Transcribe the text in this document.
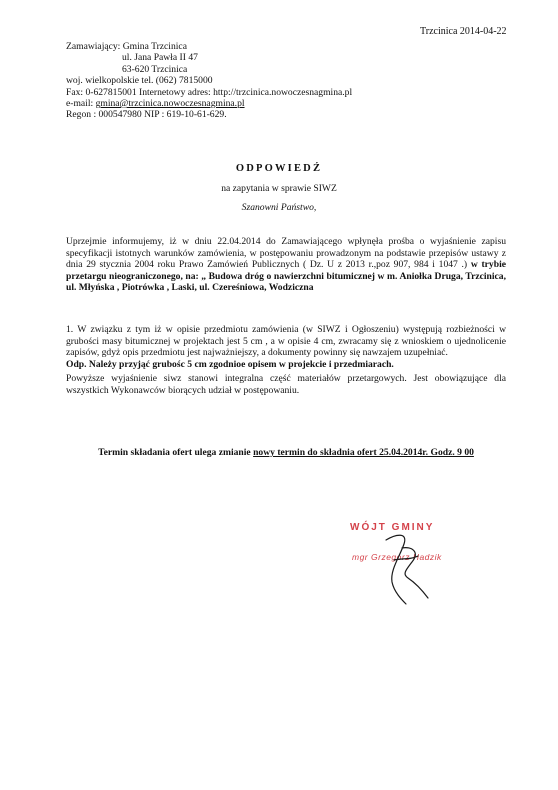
Trzcinica 2014-04-22
Zamawiający: Gmina Trzcinica
ul. Jana Pawła II 47
63-620 Trzcinica
woj. wielkopolskie tel. (062) 7815000
Fax: 0-627815001 Internetowy adres: http://trzcinica.nowoczesnagmina.pl
e-mail: gmina@trzcinica.nowoczesnagmina.pl
Regon : 000547980 NIP : 619-10-61-629.
ODPOWIEDŹ
na zapytania w sprawie SIWZ
Szanowni Państwo,
Uprzejmie informujemy, iż w dniu 22.04.2014 do Zamawiającego wpłynęła prośba o wyjaśnienie zapisu specyfikacji istotnych warunków zamówienia, w postępowaniu prowadzonym na podstawie przepisów ustawy z dnia 29 stycznia 2004 roku Prawo Zamówień Publicznych ( Dz. U z 2013 r.,poz 907, 984 i 1047 .) w trybie przetargu nieograniczonego, na: „ Budowa dróg o nawierzchni bitumicznej w m. Aniołka Druga, Trzcinica, ul. Młyńska , Piotrówka , Laski, ul. Czereśniowa, Wodziczna
1. W związku z tym iż w opisie przedmiotu zamówienia (w SIWZ i Ogłoszeniu) występują rozbieżności w grubości masy bitumicznej w projektach jest 5 cm , a w opisie 4 cm, zwracamy się z wnioskiem o ujednolicenie zapisów, gdyż opis przedmiotu jest najważniejszy, a dokumenty powinny się nawzajem uzupełniać.
Odp. Należy przyjąć grubośc 5 cm zgodnioe opisem w projekcie i przedmiarach.
Powyższe wyjaśnienie siwz stanowi integralna część materiałów przetargowych. Jest obowiązujące dla wszystkich Wykonawców biorących udział w postępowaniu.
Termin składania ofert ulega zmianie nowy termin do składnia ofert 25.04.2014r. Godz. 9 00
WÓJT GMINY
mgr Grzegorz Hadzik
